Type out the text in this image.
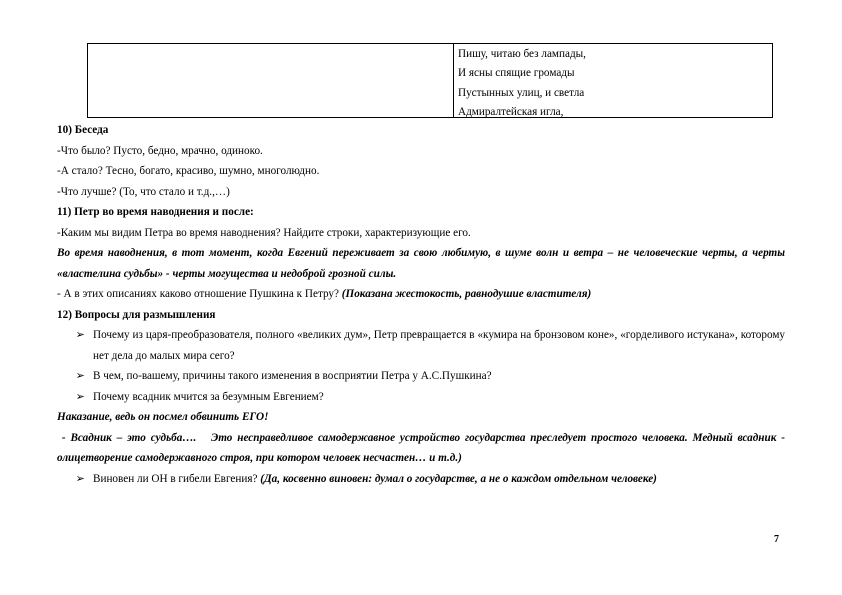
Пишу, читаю без лампады,
И ясны спящие громады
Пустынных улиц, и светла
Адмиралтейская игла,
10) Беседа
-Что было? Пусто, бедно, мрачно, одиноко.
-А стало? Тесно, богато, красиво, шумно, многолюдно.
-Что лучше? (То, что стало и т.д.,…)
11) Петр во время наводнения и после:
-Каким мы видим Петра во время наводнения? Найдите строки, характеризующие его.
Во время наводнения, в тот момент, когда Евгений переживает за свою любимую, в шуме волн и ветра – не человеческие черты, а черты «властелина судьбы» - черты могущества и недоброй грозной силы.
- А в этих описаниях каково отношение Пушкина к Петру? (Показана жестокость, равнодушие властителя)
12) Вопросы для размышления
➢ Почему из царя-преобразователя, полного «великих дум», Петр превращается в «кумира на бронзовом коне», «горделивого истукана», которому нет дела до малых мира сего?
➢ В чем, по-вашему, причины такого изменения в восприятии Петра у А.С.Пушкина?
➢ Почему всадник мчится за безумным Евгением?
Наказание, ведь он посмел обвинить ЕГО!
- Всадник – это судьба….   Это несправедливое самодержавное устройство государства преследует простого человека. Медный всадник - олицетворение самодержавного строя, при котором человек несчастен… и т.д.)
➢ Виновен ли ОН в гибели Евгения? (Да, косвенно виновен: думал о государстве, а не о каждом отдельном человеке)
7
